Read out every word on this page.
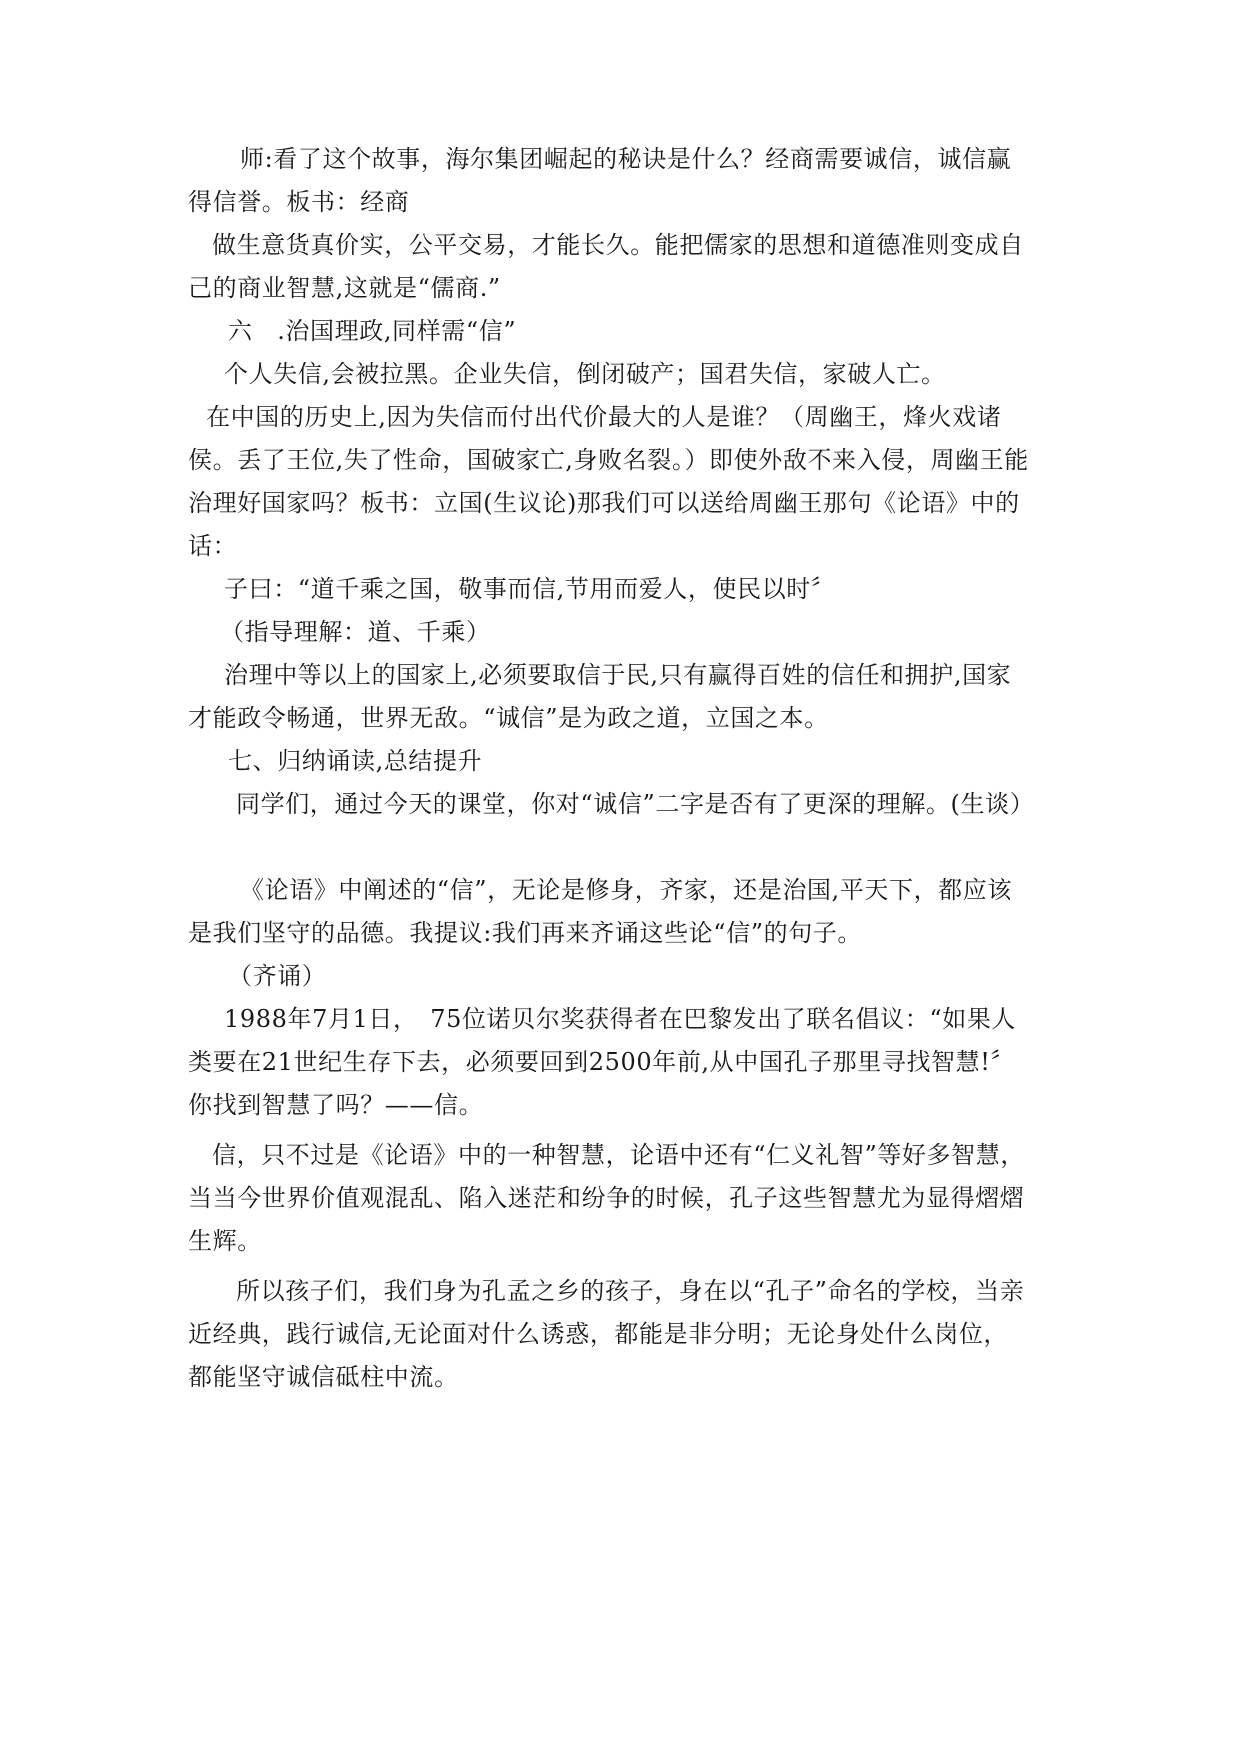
师:看了这个故事，海尔集团崛起的秘诀是什么？经商需要诚信，诚信赢得信誉。板书：经商
做生意货真价实，公平交易，才能长久。能把儒家的思想和道德准则变成自己的商业智慧,这就是“儒商.”
六　.治国理政,同样需“信”
个人失信,会被拉黑。企业失信，倒闭破产；国君失信，家破人亡。
在中国的历史上,因为失信而付出代价最大的人是谁？（周幽王，烽火戏诸侯。丢了王位,失了性命，国破家亡,身败名裂。）即使外敌不来入侵，周幽王能治理好国家吗？板书：立国(生议论)那我们可以送给周幽王那句《论语》中的话：
子曰：“道千乘之国，敬事而信,节用而爱人，使民以时〞
（指导理解：道、千乘）
治理中等以上的国家上,必须要取信于民,只有赢得百姓的信任和拥护,国家才能政令畅通，世界无敌。“诚信”是为政之道，立国之本。
七、归纳诵读,总结提升
同学们，通过今天的课堂，你对“诚信”二字是否有了更深的理解。(生谈）
《论语》中阐述的“信”，无论是修身，齐家，还是治国,平天下，都应该是我们坚守的品德。我提议:我们再来齐诵这些论“信”的句子。
（齐诵）
1988年7月1日，　75位诺贝尔奖获得者在巴黎发出了联名倡议：“如果人类要在21世纪生存下去，必须要回到2500年前,从中国孔子那里寻找智慧!〞你找到智慧了吗？——信。
信，只不过是《论语》中的一种智慧，论语中还有“仁义礼智”等好多智慧，当当今世界价值观混乱、陷入迷茫和纷争的时候，孔子这些智慧尤为显得熠熠生辉。
所以孩子们，我们身为孔孟之乡的孩子，身在以“孔子”命名的学校，当亲近经典，践行诚信,无论面对什么诱惑，都能是非分明；无论身处什么岗位，都能坚守诚信砥柱中流。
